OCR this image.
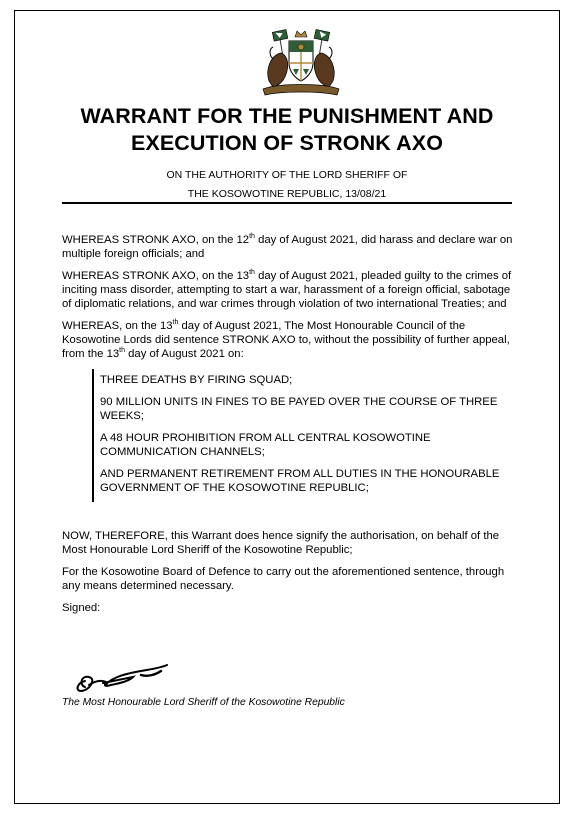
WARRANT FOR THE PUNISHMENT AND
EXECUTION OF STRONK AXO
ON THE AUTHORITY OF THE LORD SHERIFF OF
THE KOSOWOTINE REPUBLIC, 13/08/21

WHEREAS STRONK AXO, on the 12th day of August 2021, did harass and declare war on multiple foreign officials; and

WHEREAS STRONK AXO, on the 13th day of August 2021, pleaded guilty to the crimes of inciting mass disorder, attempting to start a war, harassment of a foreign official, sabotage of diplomatic relations, and war crimes through violation of two international Treaties; and

WHEREAS, on the 13th day of August 2021, The Most Honourable Council of the Kosowotine Lords did sentence STRONK AXO to, without the possibility of further appeal, from the 13th day of August 2021 on:

THREE DEATHS BY FIRING SQUAD;
90 MILLION UNITS IN FINES TO BE PAYED OVER THE COURSE OF THREE WEEKS;
A 48 HOUR PROHIBITION FROM ALL CENTRAL KOSOWOTINE COMMUNICATION CHANNELS;
AND PERMANENT RETIREMENT FROM ALL DUTIES IN THE HONOURABLE GOVERNMENT OF THE KOSOWOTINE REPUBLIC;

NOW, THEREFORE, this Warrant does hence signify the authorisation, on behalf of the Most Honourable Lord Sheriff of the Kosowotine Republic;

For the Kosowotine Board of Defence to carry out the aforementioned sentence, through any means determined necessary.

Signed:

The Most Honourable Lord Sheriff of the Kosowotine Republic
